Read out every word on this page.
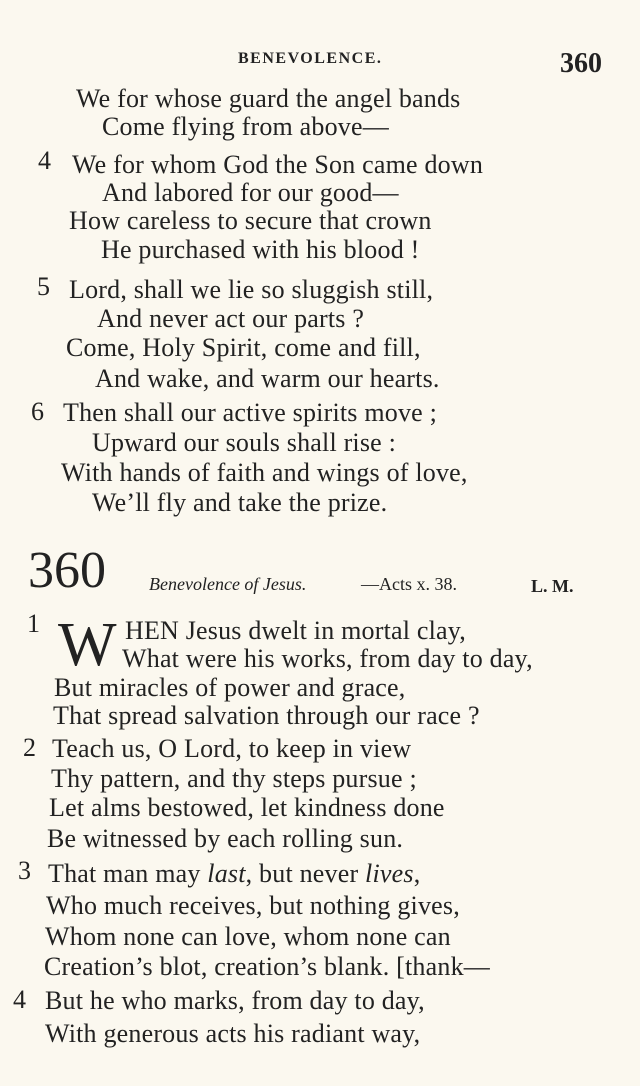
BENEVOLENCE.	360
We for whose guard the angel bands
Come flying from above—
4 We for whom God the Son came down
And labored for our good—
How careless to secure that crown
He purchased with his blood !
5 Lord, shall we lie so sluggish still,
And never act our parts ?
Come, Holy Spirit, come and fill,
And wake, and warm our hearts.
6 Then shall our active spirits move ;
Upward our souls shall rise :
With hands of faith and wings of love,
We’ll fly and take the prize.
360 Benevolence of Jesus.	—Acts x. 38.	L. M.
1 W HEN Jesus dwelt in mortal clay,
What were his works, from day to day,
But miracles of power and grace,
That spread salvation through our race ?
2 Teach us, O Lord, to keep in view
Thy pattern, and thy steps pursue ;
Let alms bestowed, let kindness done
Be witnessed by each rolling sun.
3 That man may last, but never lives,
Who much receives, but nothing gives,
Whom none can love, whom none can
Creation’s blot, creation’s blank. [thank—
4 But he who marks, from day to day,
With generous acts his radiant way,
